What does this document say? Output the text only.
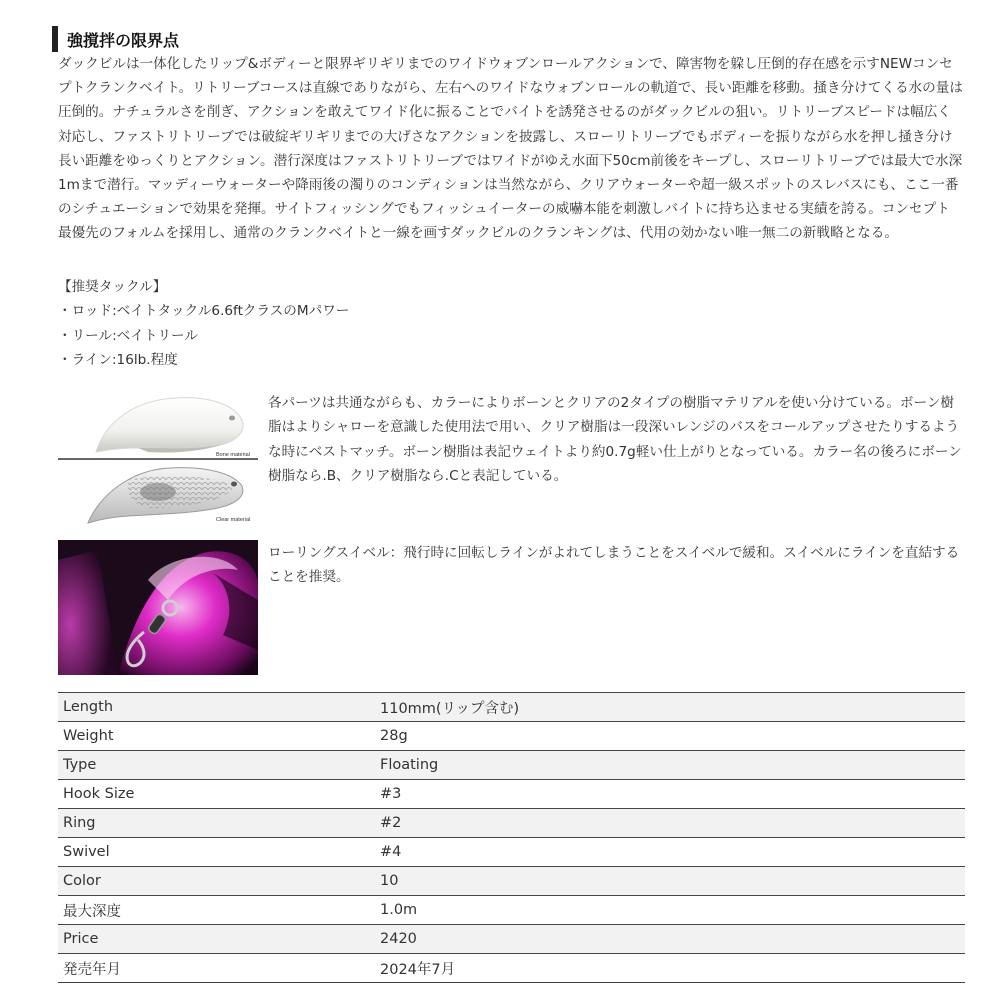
強撹拌の限界点
ダックビルは一体化したリップ&ボディーと限界ギリギリまでのワイドウォブンロールアクションで、障害物を躱し圧倒的存在感を示すNEWコンセプトクランクベイト。リトリーブコースは直線でありながら、左右へのワイドなウォブンロールの軌道で、長い距離を移動。掻き分けてくる水の量は圧倒的。ナチュラルさを削ぎ、アクションを敢えてワイド化に振ることでバイトを誘発させるのがダックビルの狙い。リトリーブスピードは幅広く対応し、ファストリトリーブでは破綻ギリギリまでの大げさなアクションを披露し、スローリトリーブでもボディーを振りながら水を押し掻き分け長い距離をゆっくりとアクション。潜行深度はファストリトリーブではワイドがゆえ水面下50cm前後をキープし、スローリトリーブでは最大で水深1mまで潜行。マッディーウォーターや降雨後の濁りのコンディションは当然ながら、クリアウォーターや超一級スポットのスレバスにも、ここ一番のシチュエーションで効果を発揮。サイトフィッシングでもフィッシュイーターの威嚇本能を刺激しバイトに持ち込ませる実績を誇る。コンセプト最優先のフォルムを採用し、通常のクランクベイトと一線を画すダックビルのクランキングは、代用の効かない唯一無二の新戦略となる。
【推奨タックル】
・ロッド:ベイトタックル6.6ftクラスのMパワー
・リール:ベイトリール
・ライン:16lb.程度
Bone material
Clear material
各パーツは共通ながらも、カラーによりボーンとクリアの2タイプの樹脂マテリアルを使い分けている。ボーン樹脂はよりシャローを意識した使用法で用い、クリア樹脂は一段深いレンジのバスをコールアップさせたりするような時にベストマッチ。ボーン樹脂は表記ウェイトより約0.7g軽い仕上がりとなっている。カラー名の後ろにボーン樹脂なら.B、クリア樹脂なら.Cと表記している。
ローリングスイベル：飛行時に回転しラインがよれてしまうことをスイベルで緩和。スイベルにラインを直結することを推奨。
Length	110mm(リップ含む)
Weight	28g
Type	Floating
Hook Size	#3
Ring	#2
Swivel	#4
Color	10
最大深度	1.0m
Price	2420
発売年月	2024年7月
